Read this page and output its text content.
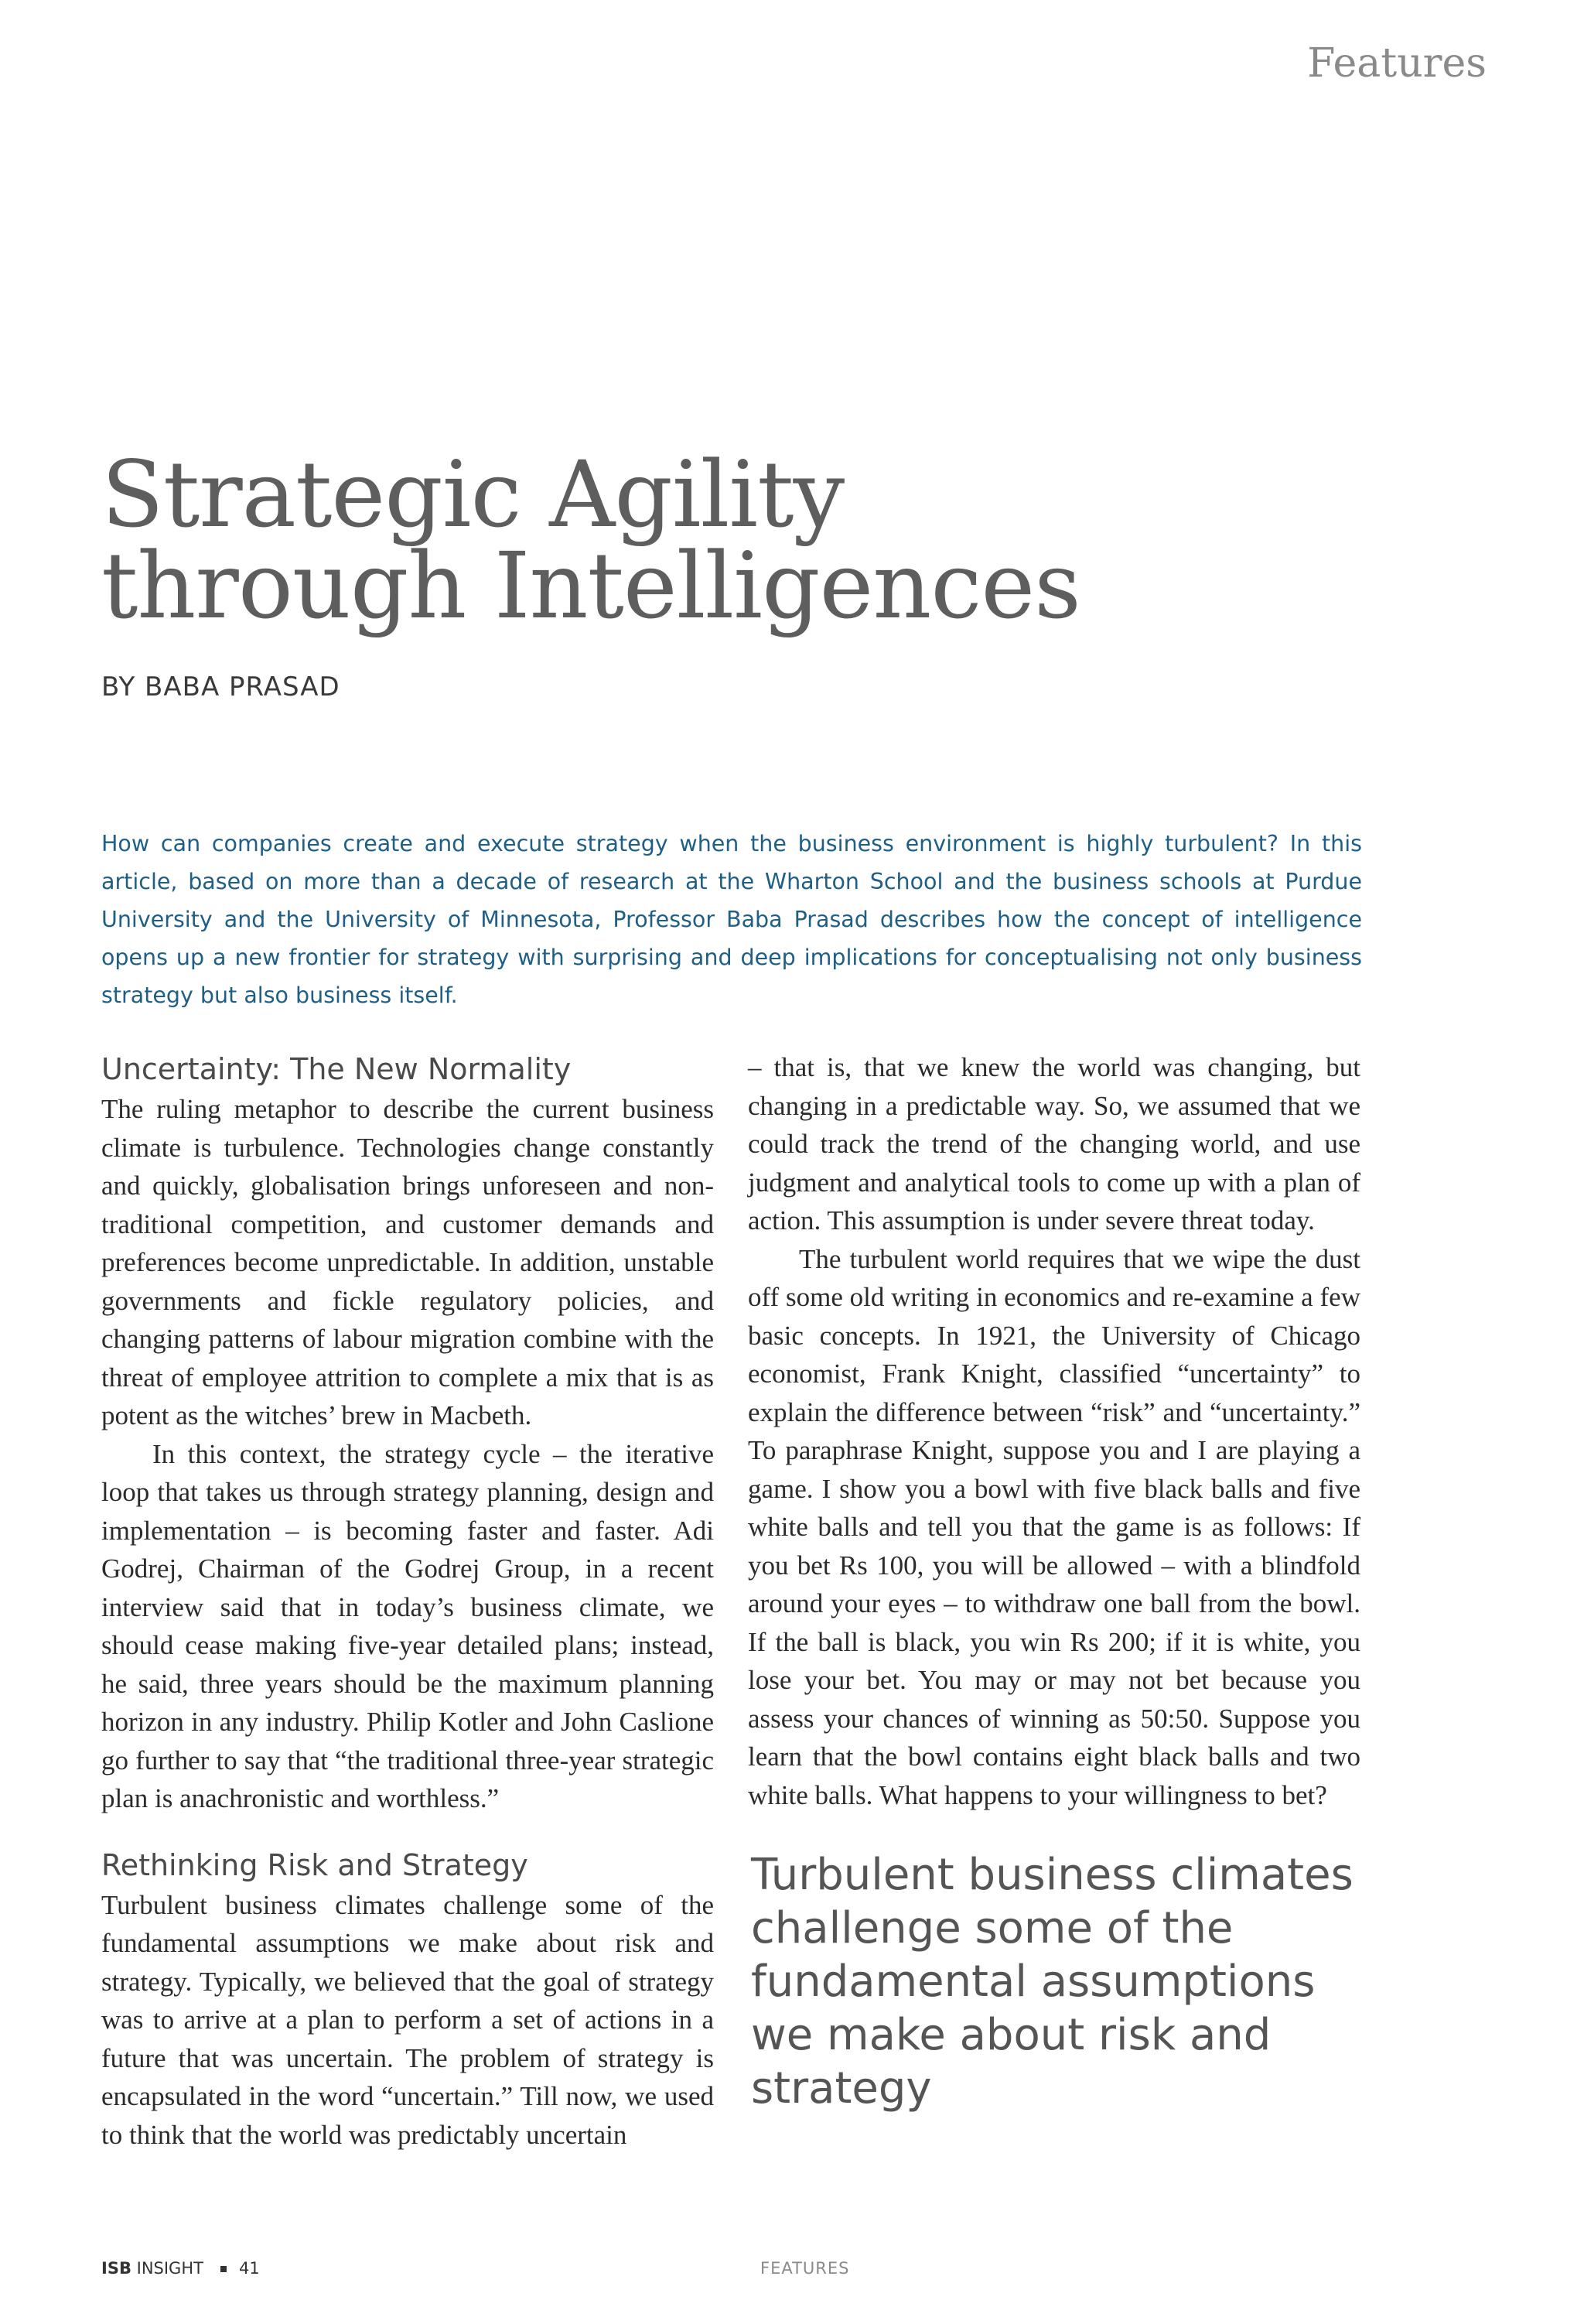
Features
Strategic Agility
through Intelligences
BY BABA PRASAD

How can companies create and execute strategy when the business environment is highly turbulent? In this article, based on more than a decade of research at the Wharton School and the business schools at Purdue University and the University of Minnesota, Professor Baba Prasad describes how the concept of intelligence opens up a new frontier for strategy with surprising and deep implications for conceptualising not only business strategy but also business itself.

Uncertainty: The New Normality

The ruling metaphor to describe the current business climate is turbulence. Technologies change constantly and quickly, globalisation brings unforeseen and non-traditional competition, and customer demands and preferences become unpredictable. In addition, unstable governments and fickle regulatory policies, and changing patterns of labour migration combine with the threat of employee attrition to complete a mix that is as potent as the witches’ brew in Macbeth.

In this context, the strategy cycle – the iterative loop that takes us through strategy planning, design and implementation – is becoming faster and faster. Adi Godrej, Chairman of the Godrej Group, in a recent interview said that in today’s business climate, we should cease making five-year detailed plans; instead, he said, three years should be the maximum planning horizon in any industry. Philip Kotler and John Caslione go further to say that “the traditional three-year strategic plan is anachronistic and worthless.”

Rethinking Risk and Strategy

Turbulent business climates challenge some of the fundamental assumptions we make about risk and strategy. Typically, we believed that the goal of strategy was to arrive at a plan to perform a set of actions in a future that was uncertain. The problem of strategy is encapsulated in the word “uncertain.” Till now, we used to think that the world was predictably uncertain

– that is, that we knew the world was changing, but changing in a predictable way. So, we assumed that we could track the trend of the changing world, and use judgment and analytical tools to come up with a plan of action. This assumption is under severe threat today.

The turbulent world requires that we wipe the dust off some old writing in economics and re-examine a few basic concepts. In 1921, the University of Chicago economist, Frank Knight, classified “uncertainty” to explain the difference between “risk” and “uncertainty.” To paraphrase Knight, suppose you and I are playing a game. I show you a bowl with five black balls and five white balls and tell you that the game is as follows: If you bet Rs 100, you will be allowed – with a blindfold around your eyes – to withdraw one ball from the bowl. If the ball is black, you win Rs 200; if it is white, you lose your bet. You may or may not bet because you assess your chances of winning as 50:50. Suppose you learn that the bowl contains eight black balls and two white balls. What happens to your willingness to bet?

Turbulent business climates challenge some of the fundamental assumptions we make about risk and strategy
ISB INSIGHT 41	FEATURES
